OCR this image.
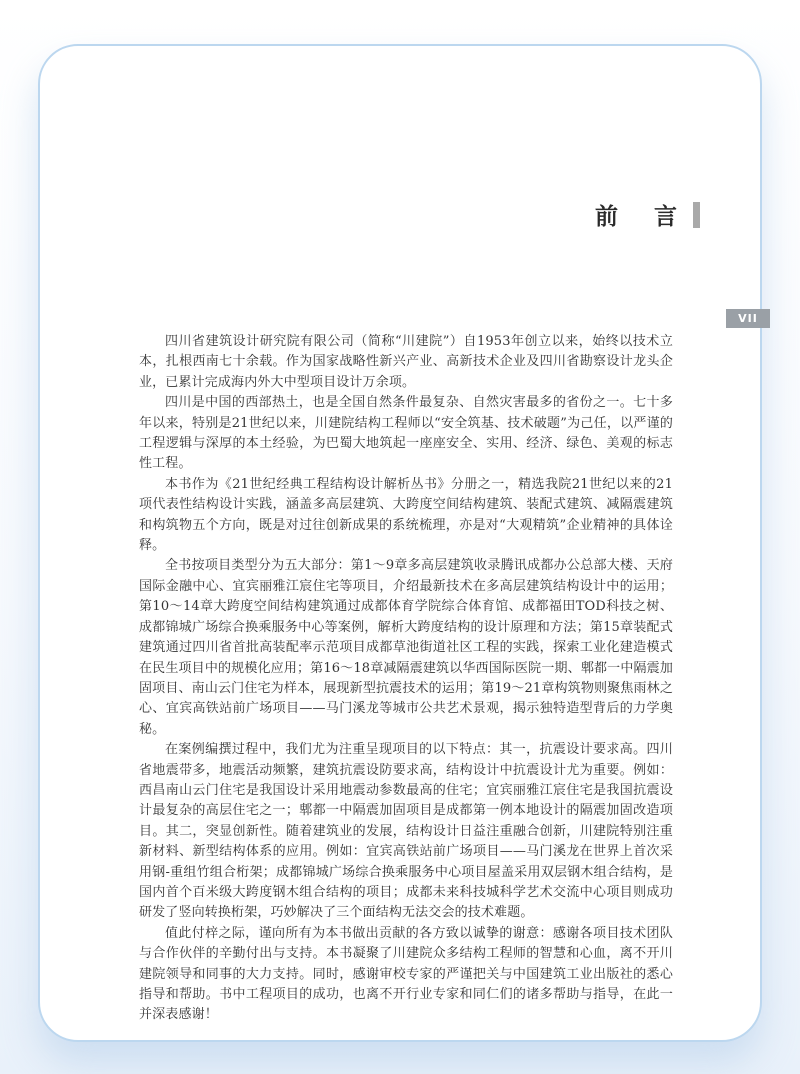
前 言
VII

四川省建筑设计研究院有限公司（简称“川建院”）自1953年创立以来，始终以技术立本，扎根西南七十余载。作为国家战略性新兴产业、高新技术企业及四川省勘察设计龙头企业，已累计完成海内外大中型项目设计万余项。

四川是中国的西部热土，也是全国自然条件最复杂、自然灾害最多的省份之一。七十多年以来，特别是21世纪以来，川建院结构工程师以“安全筑基、技术破题”为己任，以严谨的工程逻辑与深厚的本土经验，为巴蜀大地筑起一座座安全、实用、经济、绿色、美观的标志性工程。

本书作为《21世纪经典工程结构设计解析丛书》分册之一，精选我院21世纪以来的21项代表性结构设计实践，涵盖多高层建筑、大跨度空间结构建筑、装配式建筑、减隔震建筑和构筑物五个方向，既是对过往创新成果的系统梳理，亦是对“大观精筑”企业精神的具体诠释。

全书按项目类型分为五大部分：第1～9章多高层建筑收录腾讯成都办公总部大楼、天府国际金融中心、宜宾丽雅江宸住宅等项目，介绍最新技术在多高层建筑结构设计中的运用；第10～14章大跨度空间结构建筑通过成都体育学院综合体育馆、成都福田TOD科技之树、成都锦城广场综合换乘服务中心等案例，解析大跨度结构的设计原理和方法；第15章装配式建筑通过四川省首批高装配率示范项目成都草池街道社区工程的实践，探索工业化建造模式在民生项目中的规模化应用；第16～18章减隔震建筑以华西国际医院一期、郫都一中隔震加固项目、南山云门住宅为样本，展现新型抗震技术的运用；第19～21章构筑物则聚焦雨林之心、宜宾高铁站前广场项目——马门溪龙等城市公共艺术景观，揭示独特造型背后的力学奥秘。

在案例编撰过程中，我们尤为注重呈现项目的以下特点：其一，抗震设计要求高。四川省地震带多，地震活动频繁，建筑抗震设防要求高，结构设计中抗震设计尤为重要。例如：西昌南山云门住宅是我国设计采用地震动参数最高的住宅；宜宾丽雅江宸住宅是我国抗震设计最复杂的高层住宅之一；郫都一中隔震加固项目是成都第一例本地设计的隔震加固改造项目。其二，突显创新性。随着建筑业的发展，结构设计日益注重融合创新，川建院特别注重新材料、新型结构体系的应用。例如：宜宾高铁站前广场项目——马门溪龙在世界上首次采用钢-重组竹组合桁架；成都锦城广场综合换乘服务中心项目屋盖采用双层钢木组合结构，是国内首个百米级大跨度钢木组合结构的项目；成都未来科技城科学艺术交流中心项目则成功研发了竖向转换桁架，巧妙解决了三个面结构无法交会的技术难题。

值此付梓之际，谨向所有为本书做出贡献的各方致以诚挚的谢意：感谢各项目技术团队与合作伙伴的辛勤付出与支持。本书凝聚了川建院众多结构工程师的智慧和心血，离不开川建院领导和同事的大力支持。同时，感谢审校专家的严谨把关与中国建筑工业出版社的悉心指导和帮助。书中工程项目的成功，也离不开行业专家和同仁们的诸多帮助与指导，在此一并深表感谢！
